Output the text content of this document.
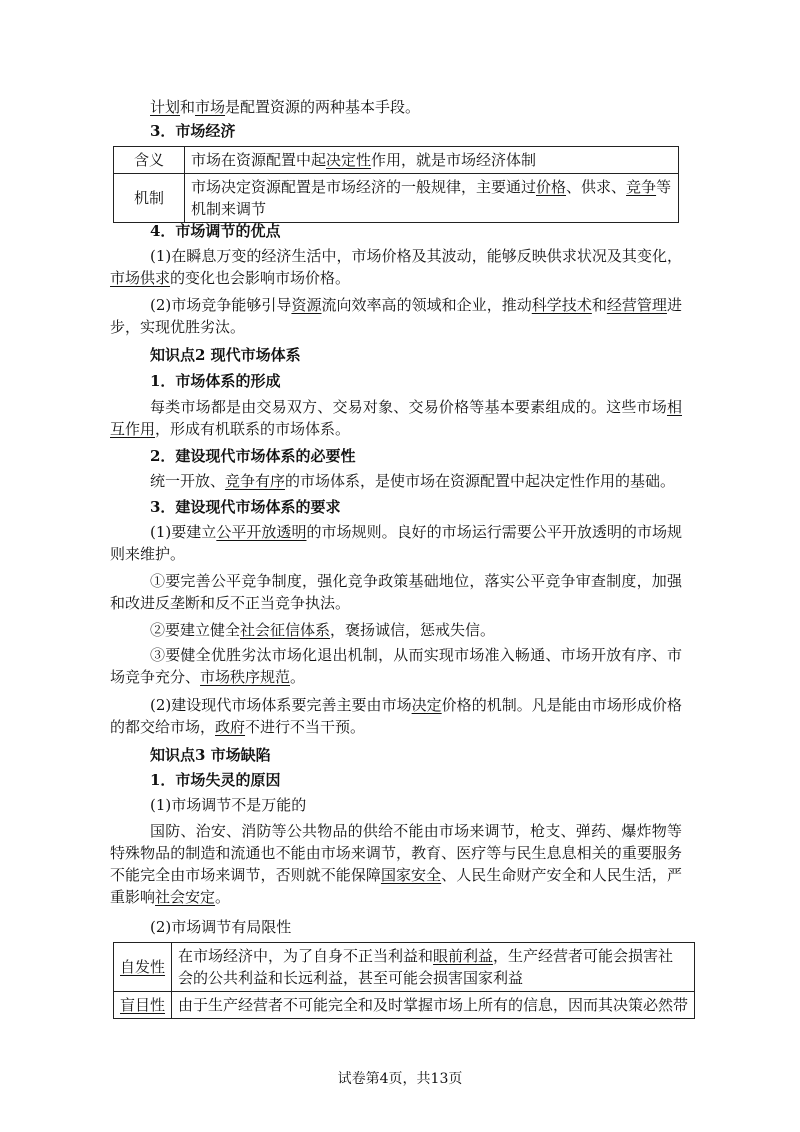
计划和市场是配置资源的两种基本手段。
3．市场经济
含义	市场在资源配置中起决定性作用，就是市场经济体制
机制	市场决定资源配置是市场经济的一般规律，主要通过价格、供求、竞争等机制来调节
4．市场调节的优点
(1)在瞬息万变的经济生活中，市场价格及其波动，能够反映供求状况及其变化，市场供求的变化也会影响市场价格。
(2)市场竞争能够引导资源流向效率高的领域和企业，推动科学技术和经营管理进步，实现优胜劣汰。
知识点2 现代市场体系
1．市场体系的形成
每类市场都是由交易双方、交易对象、交易价格等基本要素组成的。这些市场相互作用，形成有机联系的市场体系。
2．建设现代市场体系的必要性
统一开放、竞争有序的市场体系，是使市场在资源配置中起决定性作用的基础。
3．建设现代市场体系的要求
(1)要建立公平开放透明的市场规则。良好的市场运行需要公平开放透明的市场规则来维护。
①要完善公平竞争制度，强化竞争政策基础地位，落实公平竞争审查制度，加强和改进反垄断和反不正当竞争执法。
②要建立健全社会征信体系，褒扬诚信，惩戒失信。
③要健全优胜劣汰市场化退出机制，从而实现市场准入畅通、市场开放有序、市场竞争充分、市场秩序规范。
(2)建设现代市场体系要完善主要由市场决定价格的机制。凡是能由市场形成价格的都交给市场，政府不进行不当干预。
知识点3 市场缺陷
1．市场失灵的原因
(1)市场调节不是万能的
国防、治安、消防等公共物品的供给不能由市场来调节，枪支、弹药、爆炸物等特殊物品的制造和流通也不能由市场来调节，教育、医疗等与民生息息相关的重要服务不能完全由市场来调节，否则就不能保障国家安全、人民生命财产安全和人民生活，严重影响社会安定。
(2)市场调节有局限性
自发性	在市场经济中，为了自身不正当利益和眼前利益，生产经营者可能会损害社会的公共利益和长远利益，甚至可能会损害国家利益
盲目性	由于生产经营者不可能完全和及时掌握市场上所有的信息，因而其决策必然带
试卷第4页，共13页
